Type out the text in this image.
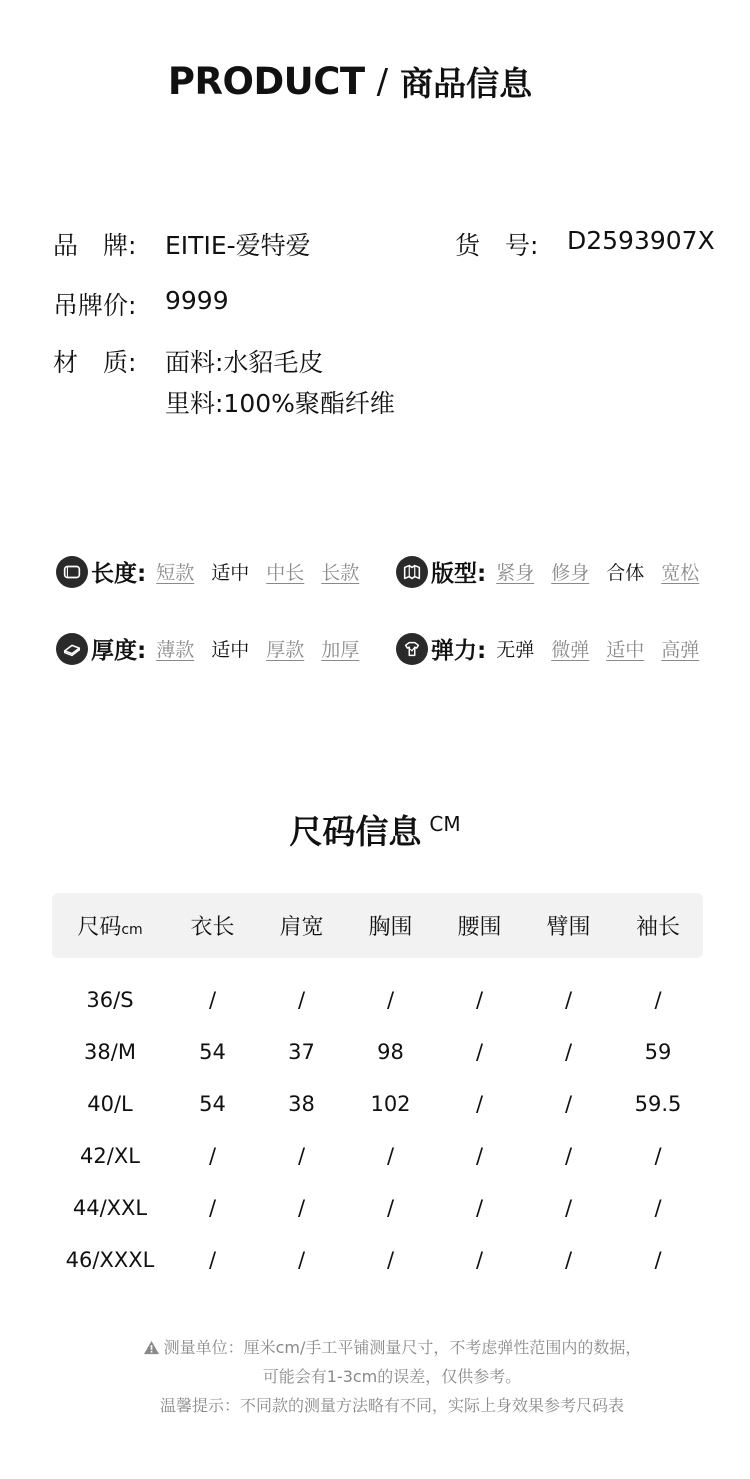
PRODUCT / 商品信息
品　牌:	EITIE-爱特爱	货　号:	D2593907X
吊牌价:	9999
材　质:	面料:水貂毛皮
里料:100%聚酯纤维
长度: 短款 适中 中长 长款	版型: 紧身 修身 合体 宽松
厚度: 薄款 适中 厚款 加厚	弹力: 无弹 微弹 适中 高弹
尺码信息 CM
尺码cm	衣长	肩宽	胸围	腰围	臂围	袖长
36/S	/	/	/	/	/	/
38/M	54	37	98	/	/	59
40/L	54	38	102	/	/	59.5
42/XL	/	/	/	/	/	/
44/XXL	/	/	/	/	/	/
46/XXXL	/	/	/	/	/	/
测量单位：厘米cm/手工平铺测量尺寸，不考虑弹性范围内的数据，
可能会有1-3cm的误差，仅供参考。
温馨提示：不同款的测量方法略有不同，实际上身效果参考尺码表
